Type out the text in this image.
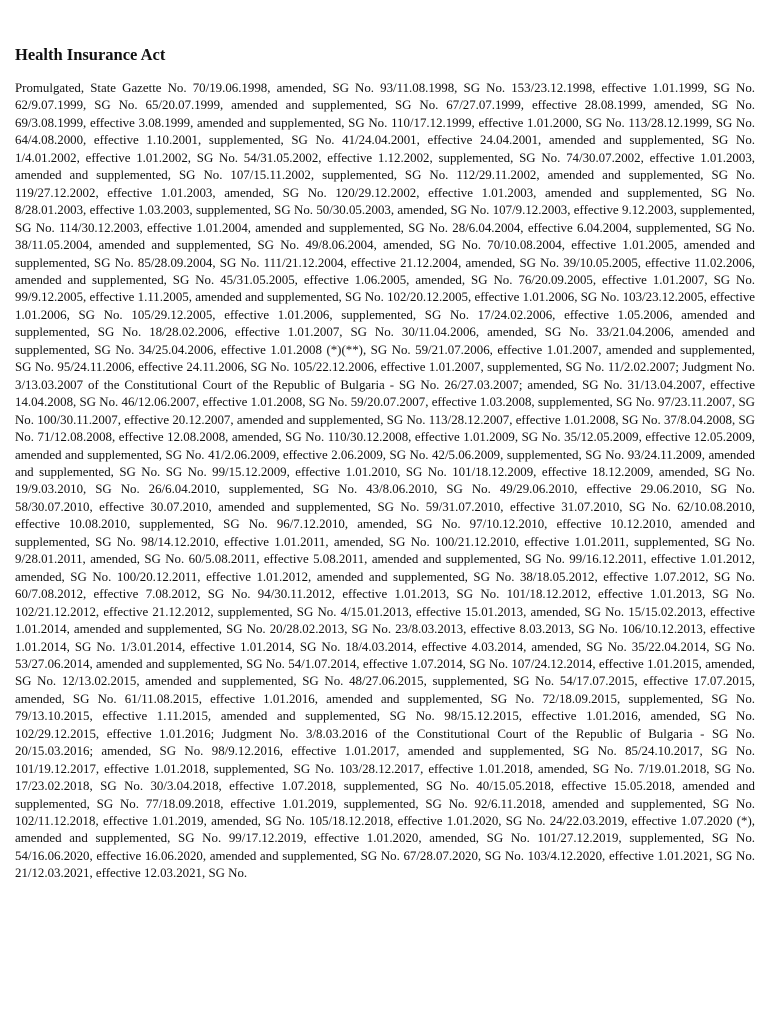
Health Insurance Act

Promulgated, State Gazette No. 70/19.06.1998, amended, SG No. 93/11.08.1998, SG No. 153/23.12.1998, effective 1.01.1999, SG No. 62/9.07.1999, SG No. 65/20.07.1999, amended and supplemented, SG No. 67/27.07.1999, effective 28.08.1999, amended, SG No. 69/3.08.1999, effective 3.08.1999, amended and supplemented, SG No. 110/17.12.1999, effective 1.01.2000, SG No. 113/28.12.1999, SG No. 64/4.08.2000, effective 1.10.2001, supplemented, SG No. 41/24.04.2001, effective 24.04.2001, amended and supplemented, SG No. 1/4.01.2002, effective 1.01.2002, SG No. 54/31.05.2002, effective 1.12.2002, supplemented, SG No. 74/30.07.2002, effective 1.01.2003, amended and supplemented, SG No. 107/15.11.2002, supplemented, SG No. 112/29.11.2002, amended and supplemented, SG No. 119/27.12.2002, effective 1.01.2003, amended, SG No. 120/29.12.2002, effective 1.01.2003, amended and supplemented, SG No. 8/28.01.2003, effective 1.03.2003, supplemented, SG No. 50/30.05.2003, amended, SG No. 107/9.12.2003, effective 9.12.2003, supplemented, SG No. 114/30.12.2003, effective 1.01.2004, amended and supplemented, SG No. 28/6.04.2004, effective 6.04.2004, supplemented, SG No. 38/11.05.2004, amended and supplemented, SG No. 49/8.06.2004, amended, SG No. 70/10.08.2004, effective 1.01.2005, amended and supplemented, SG No. 85/28.09.2004, SG No. 111/21.12.2004, effective 21.12.2004, amended, SG No. 39/10.05.2005, effective 11.02.2006, amended and supplemented, SG No. 45/31.05.2005, effective 1.06.2005, amended, SG No. 76/20.09.2005, effective 1.01.2007, SG No. 99/9.12.2005, effective 1.11.2005, amended and supplemented, SG No. 102/20.12.2005, effective 1.01.2006, SG No. 103/23.12.2005, effective 1.01.2006, SG No. 105/29.12.2005, effective 1.01.2006, supplemented, SG No. 17/24.02.2006, effective 1.05.2006, amended and supplemented, SG No. 18/28.02.2006, effective 1.01.2007, SG No. 30/11.04.2006, amended, SG No. 33/21.04.2006, amended and supplemented, SG No. 34/25.04.2006, effective 1.01.2008 (*)(**), SG No. 59/21.07.2006, effective 1.01.2007, amended and supplemented, SG No. 95/24.11.2006, effective 24.11.2006, SG No. 105/22.12.2006, effective 1.01.2007, supplemented, SG No. 11/2.02.2007; Judgment No. 3/13.03.2007 of the Constitutional Court of the Republic of Bulgaria - SG No. 26/27.03.2007; amended, SG No. 31/13.04.2007, effective 14.04.2008, SG No. 46/12.06.2007, effective 1.01.2008, SG No. 59/20.07.2007, effective 1.03.2008, supplemented, SG No. 97/23.11.2007, SG No. 100/30.11.2007, effective 20.12.2007, amended and supplemented, SG No. 113/28.12.2007, effective 1.01.2008, SG No. 37/8.04.2008, SG No. 71/12.08.2008, effective 12.08.2008, amended, SG No. 110/30.12.2008, effective 1.01.2009, SG No. 35/12.05.2009, effective 12.05.2009, amended and supplemented, SG No. 41/2.06.2009, effective 2.06.2009, SG No. 42/5.06.2009, supplemented, SG No. 93/24.11.2009, amended and supplemented, SG No. SG No. 99/15.12.2009, effective 1.01.2010, SG No. 101/18.12.2009, effective 18.12.2009, amended, SG No. 19/9.03.2010, SG No. 26/6.04.2010, supplemented, SG No. 43/8.06.2010, SG No. 49/29.06.2010, effective 29.06.2010, SG No. 58/30.07.2010, effective 30.07.2010, amended and supplemented, SG No. 59/31.07.2010, effective 31.07.2010, SG No. 62/10.08.2010, effective 10.08.2010, supplemented, SG No. 96/7.12.2010, amended, SG No. 97/10.12.2010, effective 10.12.2010, amended and supplemented, SG No. 98/14.12.2010, effective 1.01.2011, amended, SG No. 100/21.12.2010, effective 1.01.2011, supplemented, SG No. 9/28.01.2011, amended, SG No. 60/5.08.2011, effective 5.08.2011, amended and supplemented, SG No. 99/16.12.2011, effective 1.01.2012, amended, SG No. 100/20.12.2011, effective 1.01.2012, amended and supplemented, SG No. 38/18.05.2012, effective 1.07.2012, SG No. 60/7.08.2012, effective 7.08.2012, SG No. 94/30.11.2012, effective 1.01.2013, SG No. 101/18.12.2012, effective 1.01.2013, SG No. 102/21.12.2012, effective 21.12.2012, supplemented, SG No. 4/15.01.2013, effective 15.01.2013, amended, SG No. 15/15.02.2013, effective 1.01.2014, amended and supplemented, SG No. 20/28.02.2013, SG No. 23/8.03.2013, effective 8.03.2013, SG No. 106/10.12.2013, effective 1.01.2014, SG No. 1/3.01.2014, effective 1.01.2014, SG No. 18/4.03.2014, effective 4.03.2014, amended, SG No. 35/22.04.2014, SG No. 53/27.06.2014, amended and supplemented, SG No. 54/1.07.2014, effective 1.07.2014, SG No. 107/24.12.2014, effective 1.01.2015, amended, SG No. 12/13.02.2015, amended and supplemented, SG No. 48/27.06.2015, supplemented, SG No. 54/17.07.2015, effective 17.07.2015, amended, SG No. 61/11.08.2015, effective 1.01.2016, amended and supplemented, SG No. 72/18.09.2015, supplemented, SG No. 79/13.10.2015, effective 1.11.2015, amended and supplemented, SG No. 98/15.12.2015, effective 1.01.2016, amended, SG No. 102/29.12.2015, effective 1.01.2016; Judgment No. 3/8.03.2016 of the Constitutional Court of the Republic of Bulgaria - SG No. 20/15.03.2016; amended, SG No. 98/9.12.2016, effective 1.01.2017, amended and supplemented, SG No. 85/24.10.2017, SG No. 101/19.12.2017, effective 1.01.2018, supplemented, SG No. 103/28.12.2017, effective 1.01.2018, amended, SG No. 7/19.01.2018, SG No. 17/23.02.2018, SG No. 30/3.04.2018, effective 1.07.2018, supplemented, SG No. 40/15.05.2018, effective 15.05.2018, amended and supplemented, SG No. 77/18.09.2018, effective 1.01.2019, supplemented, SG No. 92/6.11.2018, amended and supplemented, SG No. 102/11.12.2018, effective 1.01.2019, amended, SG No. 105/18.12.2018, effective 1.01.2020, SG No. 24/22.03.2019, effective 1.07.2020 (*), amended and supplemented, SG No. 99/17.12.2019, effective 1.01.2020, amended, SG No. 101/27.12.2019, supplemented, SG No. 54/16.06.2020, effective 16.06.2020, amended and supplemented, SG No. 67/28.07.2020, SG No. 103/4.12.2020, effective 1.01.2021, SG No. 21/12.03.2021, effective 12.03.2021, SG No.
